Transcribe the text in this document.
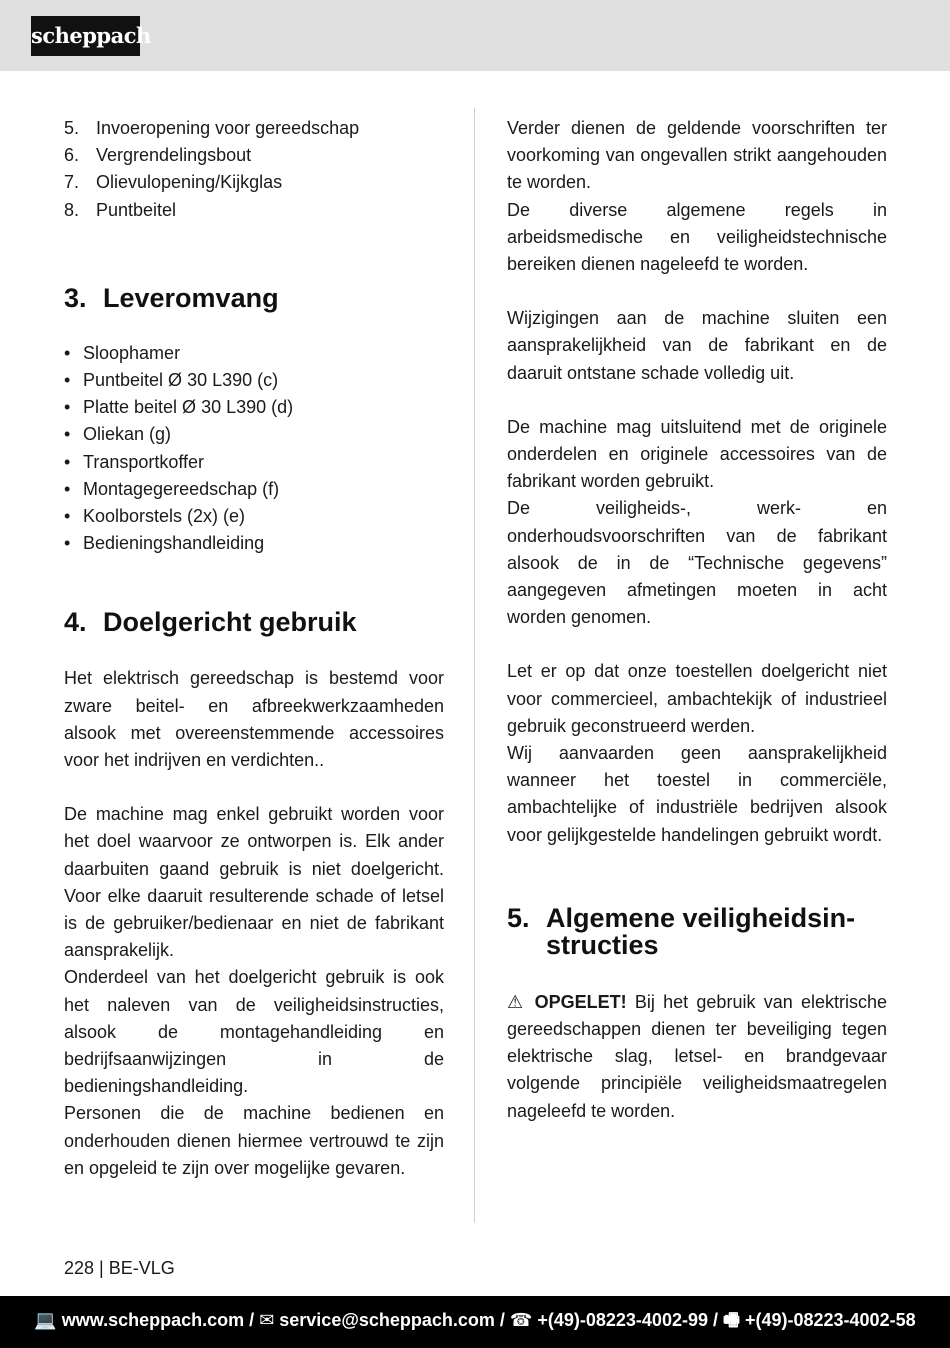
scheppach
5. Invoeropening voor gereedschap
6. Vergrendelingsbout
7. Olievulopening/Kijkglas
8. Puntbeitel
3. Leveromvang
• Sloophamer
• Puntbeitel Ø 30 L390 (c)
• Platte beitel Ø 30 L390 (d)
• Oliekan (g)
• Transportkoffer
• Montagegereedschap (f)
• Koolborstels (2x) (e)
• Bedieningshandleiding
4. Doelgericht gebruik

Het elektrisch gereedschap is bestemd voor zware beitel- en afbreekwerkzaamheden alsook met overeenstemmende accessoires voor het indrijven en verdichten..

De machine mag enkel gebruikt worden voor het doel waarvoor ze ontworpen is. Elk ander daarbuiten gaand gebruik is niet doelgericht. Voor elke daaruit resulterende schade of letsel is de gebruiker/bedienaar en niet de fabrikant aansprakelijk.

Onderdeel van het doelgericht gebruik is ook het naleven van de veiligheidsinstructies, alsook de montagehandleiding en bedrijfsaanwijzingen in de bedieningshandleiding.

Personen die de machine bedienen en onderhouden dienen hiermee vertrouwd te zijn en opgeleid te zijn over mogelijke gevaren.

Verder dienen de geldende voorschriften ter voorkoming van ongevallen strikt aangehouden te worden.

De diverse algemene regels in arbeidsmedische en veiligheidstechnische bereiken dienen nageleefd te worden.

Wijzigingen aan de machine sluiten een aansprakelijkheid van de fabrikant en de daaruit ontstane schade volledig uit.

De machine mag uitsluitend met de originele onderdelen en originele accessoires van de fabrikant worden gebruikt.

De veiligheids-, werk- en onderhoudsvoorschriften van de fabrikant alsook de in de “Technische gegevens” aangegeven afmetingen moeten in acht worden genomen.

Let er op dat onze toestellen doelgericht niet voor commercieel, ambachtekijk of industrieel gebruik geconstrueerd werden.

Wij aanvaarden geen aansprakelijkheid wanneer het toestel in commerciële, ambachtelijke of industriële bedrijven alsook voor gelijkgestelde handelingen gebruikt wordt.

5. Algemene veiligheidsin-
structies

⚠ OPGELET! Bij het gebruik van elektrische gereedschappen dienen ter beveiliging tegen elektrische slag, letsel- en brandgevaar volgende principiële veiligheidsmaatregelen nageleefd te worden.

228 | BE-VLG
💻 www.scheppach.com / ✉ service@scheppach.com / ☎ +(49)-08223-4002-99 / 🖷 +(49)-08223-4002-58
